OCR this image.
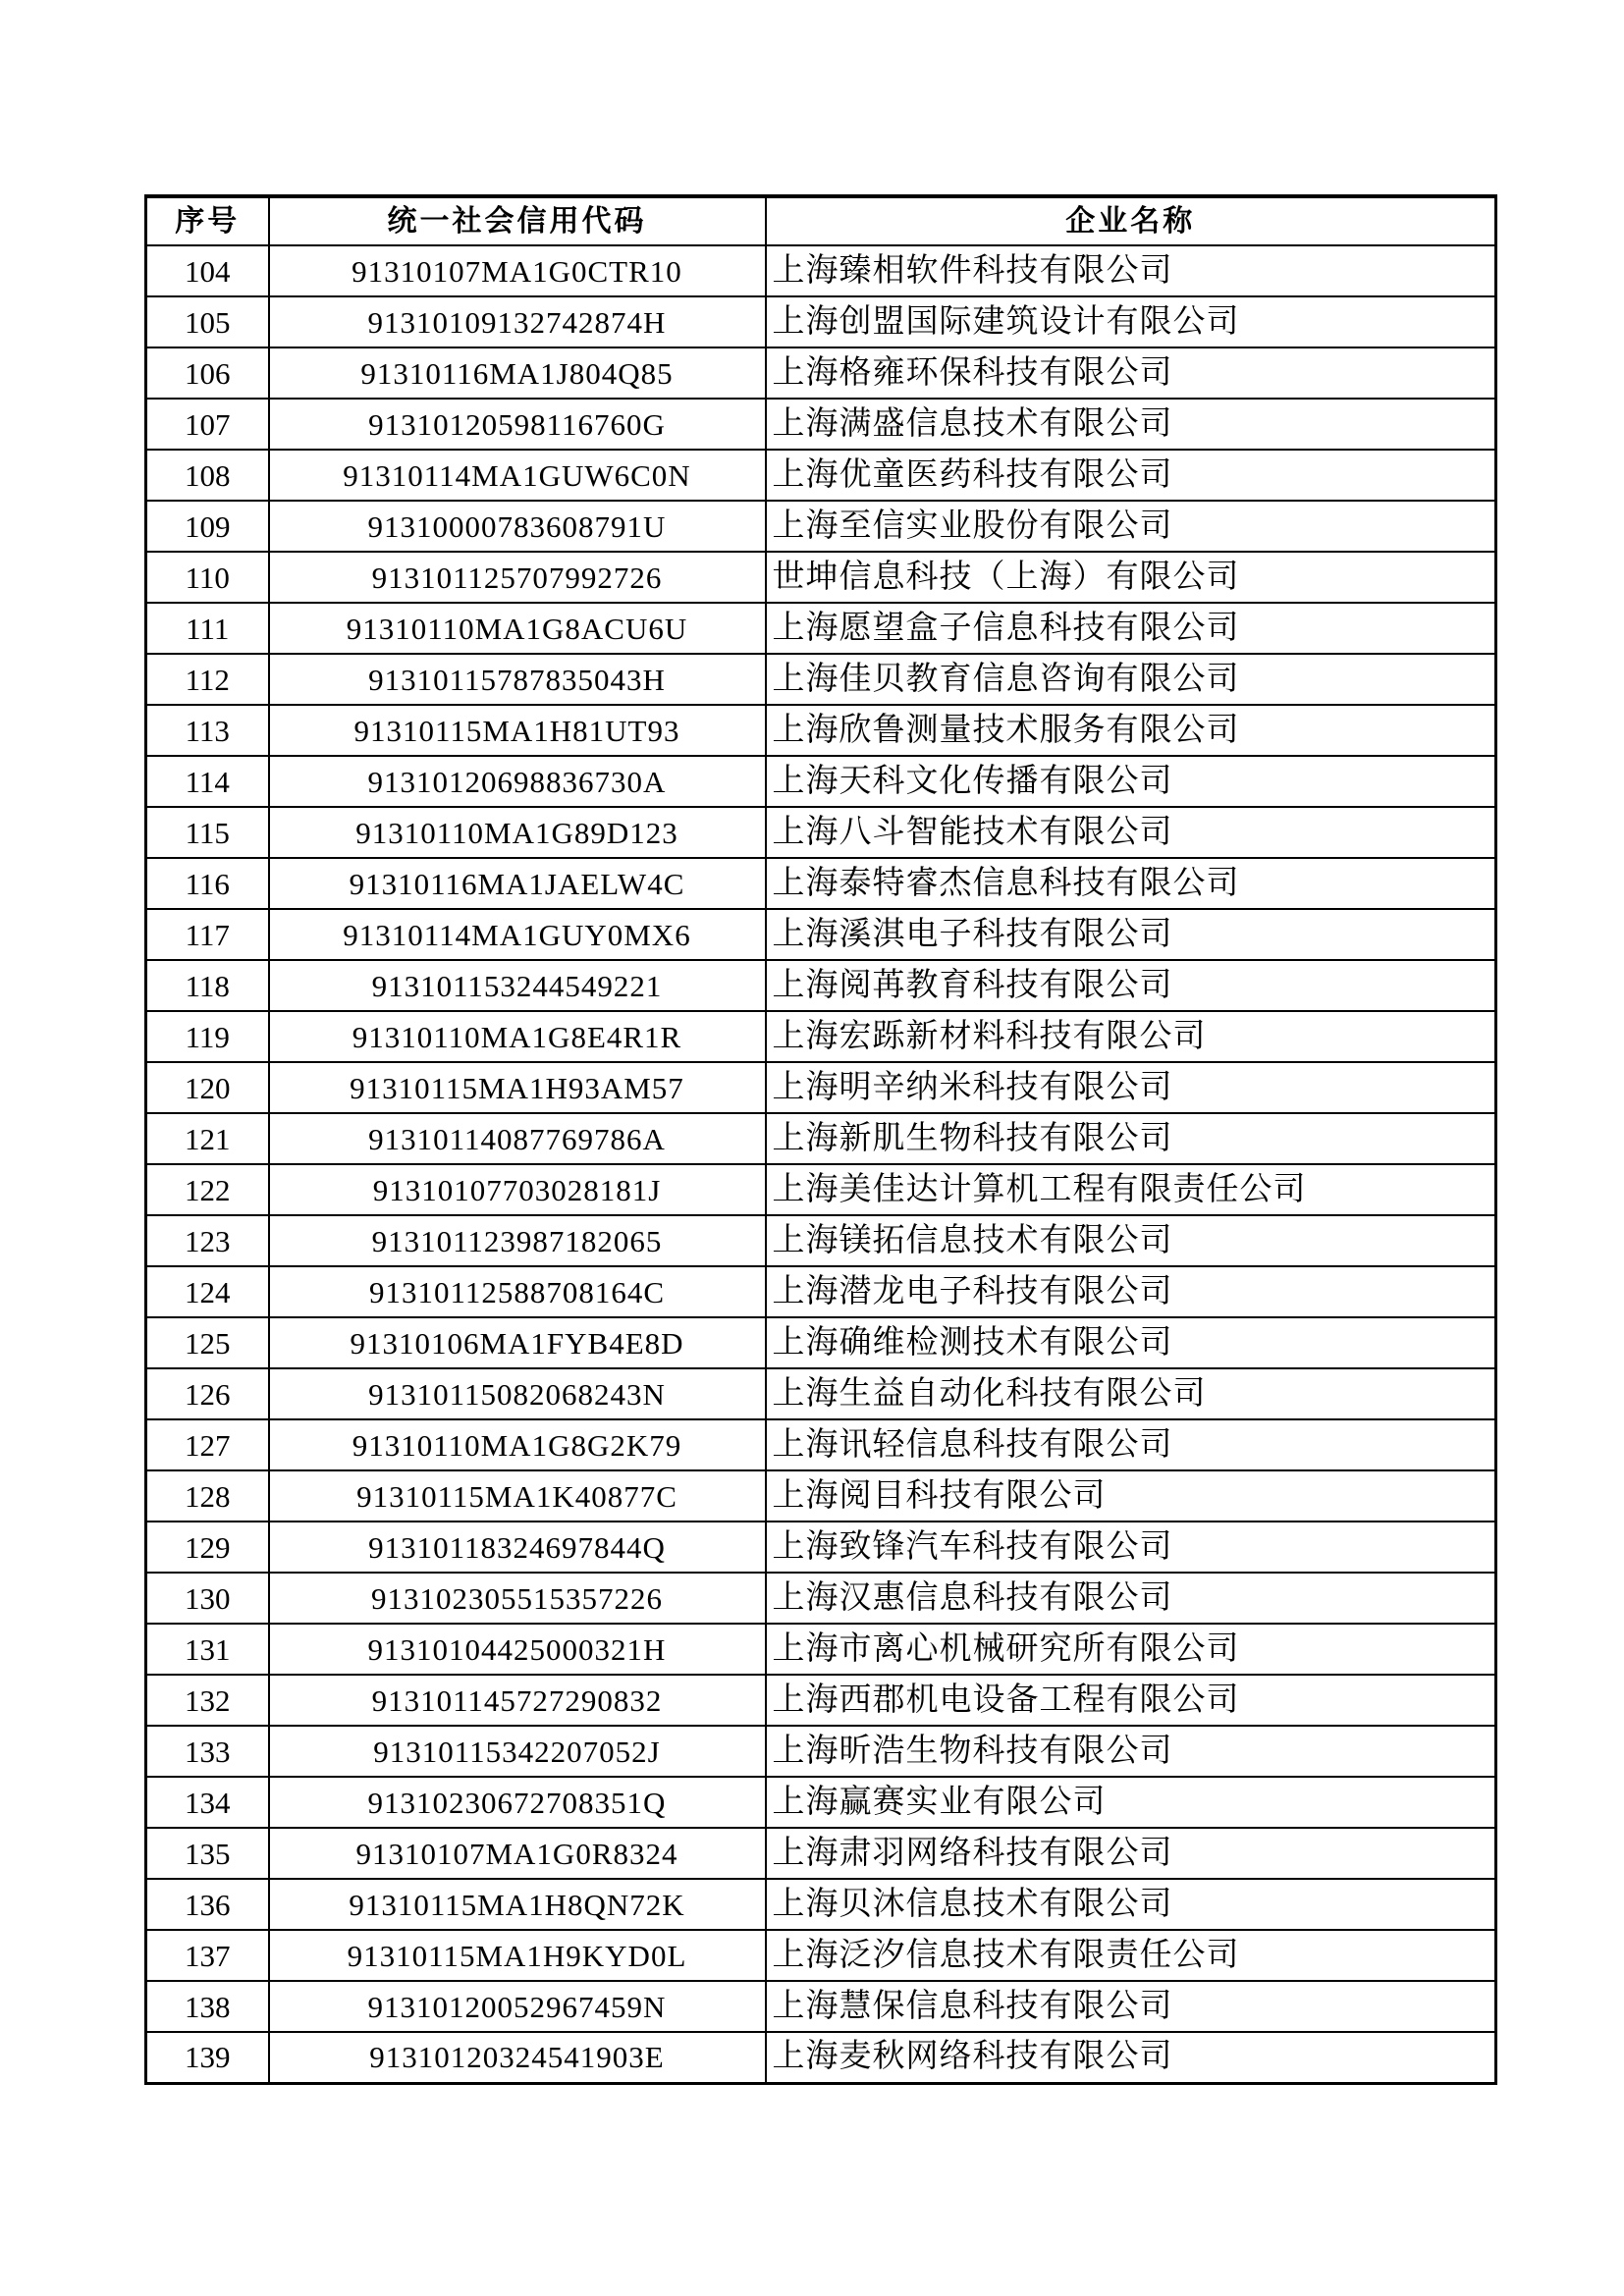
序号	统一社会信用代码	企业名称
104	91310107MA1G0CTR10	上海臻相软件科技有限公司
105	91310109132742874H	上海创盟国际建筑设计有限公司
106	91310116MA1J804Q85	上海格雍环保科技有限公司
107	91310120598116760G	上海满盛信息技术有限公司
108	91310114MA1GUW6C0N	上海优童医药科技有限公司
109	91310000783608791U	上海至信实业股份有限公司
110	913101125707992726	世坤信息科技（上海）有限公司
111	91310110MA1G8ACU6U	上海愿望盒子信息科技有限公司
112	91310115787835043H	上海佳贝教育信息咨询有限公司
113	91310115MA1H81UT93	上海欣鲁测量技术服务有限公司
114	91310120698836730A	上海天科文化传播有限公司
115	91310110MA1G89D123	上海八斗智能技术有限公司
116	91310116MA1JAELW4C	上海泰特睿杰信息科技有限公司
117	91310114MA1GUY0MX6	上海溪淇电子科技有限公司
118	913101153244549221	上海阅苒教育科技有限公司
119	91310110MA1G8E4R1R	上海宏跞新材料科技有限公司
120	91310115MA1H93AM57	上海明辛纳米科技有限公司
121	91310114087769786A	上海新肌生物科技有限公司
122	91310107703028181J	上海美佳达计算机工程有限责任公司
123	913101123987182065	上海镁拓信息技术有限公司
124	91310112588708164C	上海潜龙电子科技有限公司
125	91310106MA1FYB4E8D	上海确维检测技术有限公司
126	91310115082068243N	上海生益自动化科技有限公司
127	91310110MA1G8G2K79	上海讯轻信息科技有限公司
128	91310115MA1K40877C	上海阅目科技有限公司
129	91310118324697844Q	上海致锋汽车科技有限公司
130	913102305515357226	上海汉惠信息科技有限公司
131	91310104425000321H	上海市离心机械研究所有限公司
132	913101145727290832	上海西郡机电设备工程有限公司
133	91310115342207052J	上海昕浩生物科技有限公司
134	91310230672708351Q	上海赢赛实业有限公司
135	91310107MA1G0R8324	上海肃羽网络科技有限公司
136	91310115MA1H8QN72K	上海贝沐信息技术有限公司
137	91310115MA1H9KYD0L	上海泛汐信息技术有限责任公司
138	91310120052967459N	上海慧保信息科技有限公司
139	91310120324541903E	上海麦秋网络科技有限公司
